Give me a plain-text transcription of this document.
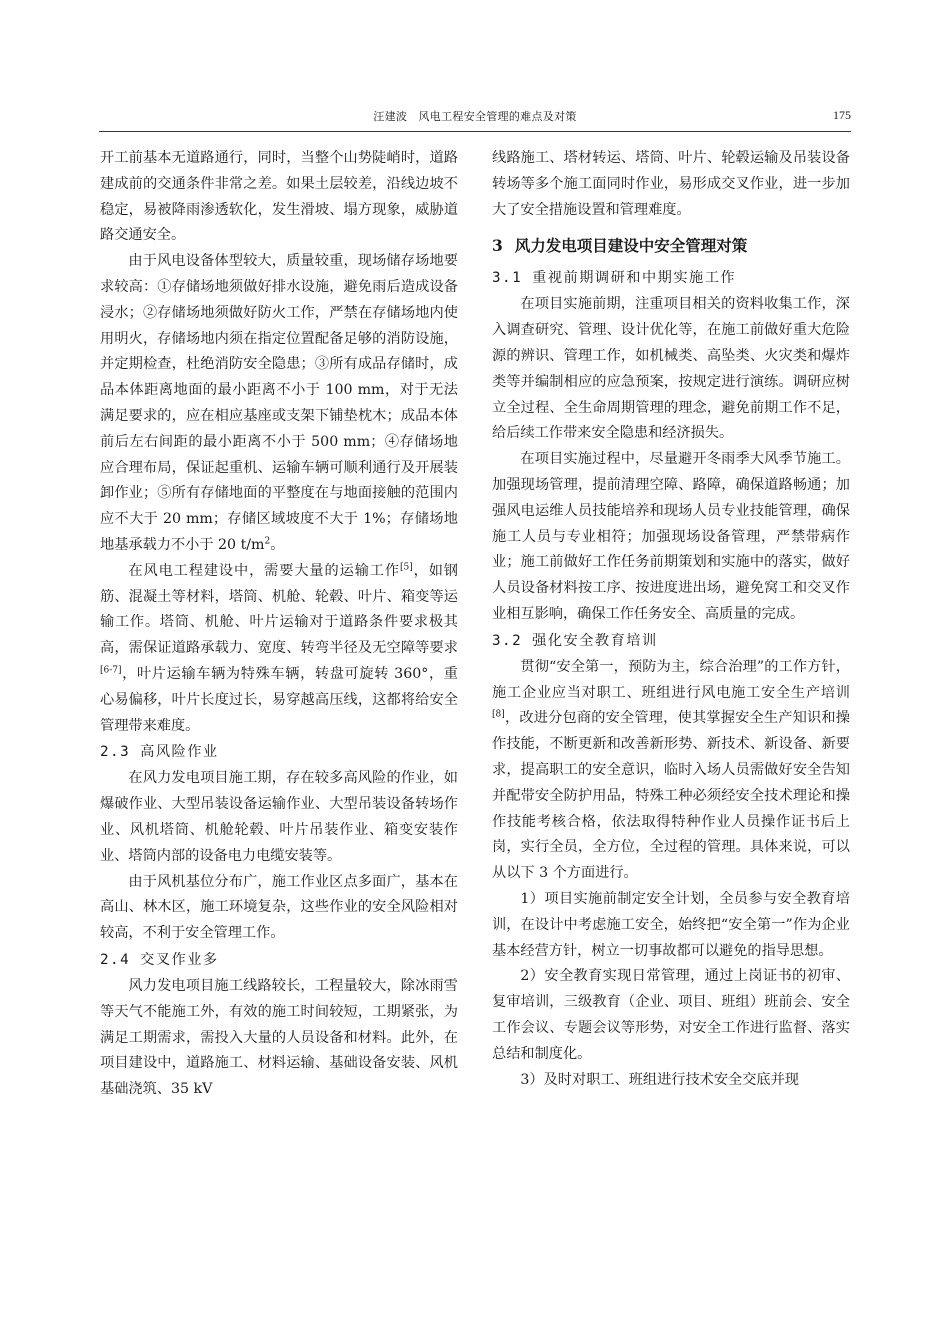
汪建波　风电工程安全管理的难点及对策	175

开工前基本无道路通行，同时，当整个山势陡峭时，道路建成前的交通条件非常之差。如果土层较差，沿线边坡不稳定，易被降雨渗透软化，发生滑坡、塌方现象，威胁道路交通安全。

由于风电设备体型较大，质量较重，现场储存场地要求较高：①存储场地须做好排水设施，避免雨后造成设备浸水；②存储场地须做好防火工作，严禁在存储场地内使用明火，存储场地内须在指定位置配备足够的消防设施，并定期检查，杜绝消防安全隐患；③所有成品存储时，成品本体距离地面的最小距离不小于 100 mm，对于无法满足要求的，应在相应基座或支架下铺垫枕木；成品本体前后左右间距的最小距离不小于 500 mm；④存储场地应合理布局，保证起重机、运输车辆可顺利通行及开展装卸作业；⑤所有存储地面的平整度在与地面接触的范围内应不大于 20 mm；存储区域坡度不大于 1%；存储场地地基承载力不小于 20 $t/m^2$。

在风电工程建设中，需要大量的运输工作[5]，如钢筋、混凝土等材料，塔筒、机舱、轮毂、叶片、箱变等运输工作。塔筒、机舱、叶片运输对于道路条件要求极其高，需保证道路承载力、宽度、转弯半径及无空障等要求[6-7]，叶片运输车辆为特殊车辆，转盘可旋转 360°，重心易偏移，叶片长度过长，易穿越高压线，这都将给安全管理带来难度。

2.3 高风险作业

在风力发电项目施工期，存在较多高风险的作业，如爆破作业、大型吊装设备运输作业、大型吊装设备转场作业、风机塔筒、机舱轮毂、叶片吊装作业、箱变安装作业、塔筒内部的设备电力电缆安装等。

由于风机基位分布广，施工作业区点多面广，基本在高山、林木区，施工环境复杂，这些作业的安全风险相对较高，不利于安全管理工作。

2.4 交叉作业多

风力发电项目施工线路较长，工程量较大，除冰雨雪等天气不能施工外，有效的施工时间较短，工期紧张，为满足工期需求，需投入大量的人员设备和材料。此外，在项目建设中，道路施工、材料运输、基础设备安装、风机基础浇筑、35 kV

线路施工、塔材转运、塔筒、叶片、轮毂运输及吊装设备转场等多个施工面同时作业，易形成交叉作业，进一步加大了安全措施设置和管理难度。

3 风力发电项目建设中安全管理对策
3.1 重视前期调研和中期实施工作

在项目实施前期，注重项目相关的资料收集工作，深入调查研究、管理、设计优化等，在施工前做好重大危险源的辨识、管理工作，如机械类、高坠类、火灾类和爆炸类等并编制相应的应急预案，按规定进行演练。调研应树立全过程、全生命周期管理的理念，避免前期工作不足，给后续工作带来安全隐患和经济损失。

在项目实施过程中，尽量避开冬雨季大风季节施工。加强现场管理，提前清理空障、路障，确保道路畅通；加强风电运维人员技能培养和现场人员专业技能管理，确保施工人员与专业相符；加强现场设备管理，严禁带病作业；施工前做好工作任务前期策划和实施中的落实，做好人员设备材料按工序、按进度进出场，避免窝工和交叉作业相互影响，确保工作任务安全、高质量的完成。

3.2 强化安全教育培训

贯彻“安全第一，预防为主，综合治理”的工作方针，施工企业应当对职工、班组进行风电施工安全生产培训[8]，改进分包商的安全管理，使其掌握安全生产知识和操作技能，不断更新和改善新形势、新技术、新设备、新要求，提高职工的安全意识，临时入场人员需做好安全告知并配带安全防护用品，特殊工种必须经安全技术理论和操作技能考核合格，依法取得特种作业人员操作证书后上岗，实行全员，全方位，全过程的管理。具体来说，可以从以下 3 个方面进行。

1）项目实施前制定安全计划，全员参与安全教育培训，在设计中考虑施工安全，始终把“安全第一”作为企业基本经营方针，树立一切事故都可以避免的指导思想。

2）安全教育实现日常管理，通过上岗证书的初审、复审培训，三级教育（企业、项目、班组）班前会、安全工作会议、专题会议等形势，对安全工作进行监督、落实总结和制度化。

3）及时对职工、班组进行技术安全交底并现
